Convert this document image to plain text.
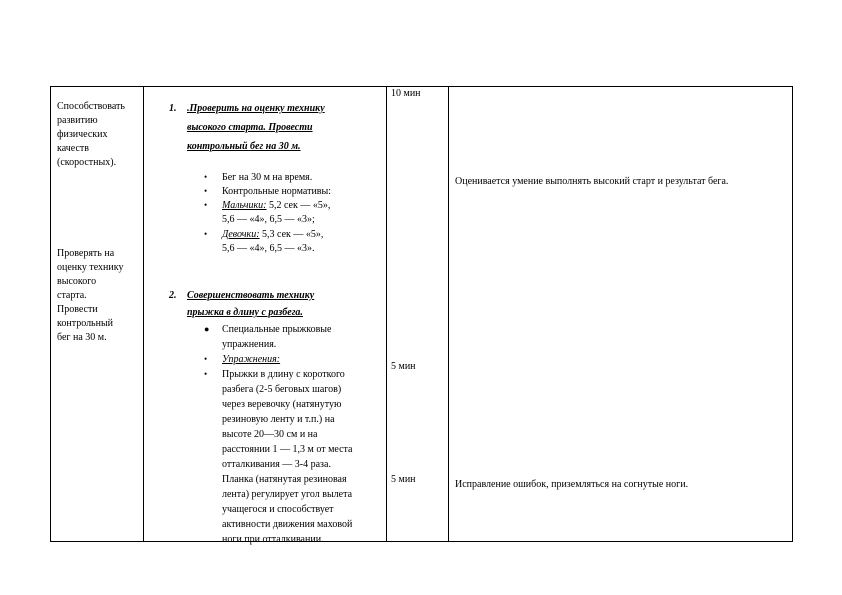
Способствовать
развитию
физических
качеств
(скоростных).
Проверять на
оценку технику
высокого
старта.
Провести
контрольный
бег на 30 м.
1. .Проверить на оценку технику
высокого старта. Провести
контрольный бег на 30 м.
• Бег на 30 м на время.
• Контрольные нормативы:
• Мальчики: 5,2 сек — «5»,
5,6 — «4», 6,5 — «3»;
• Девочки: 5,3 сек — «5»,
5,6 — «4», 6,5 — «3».
2. Совершенствовать технику
прыжка в длину с разбега.
● Специальные прыжковые
упражнения.
• Упражнения:
• Прыжки в длину с короткого
разбега (2-5 беговых шагов)
через веревочку (натянутую
резиновую ленту и т.п.) на
высоте 20—30 см и на
расстоянии 1 — 1,3 м от места
отталкивания — 3-4 раза.
Планка (натянутая резиновая
лента) регулирует угол вылета
учащегося и способствует
активности движения маховой
ноги при отталкивании.
10 мин
5 мин
5 мин
Оценивается умение выполнять высокий старт и результат бега.
Исправление ошибок, приземляться на согнутые ноги.
